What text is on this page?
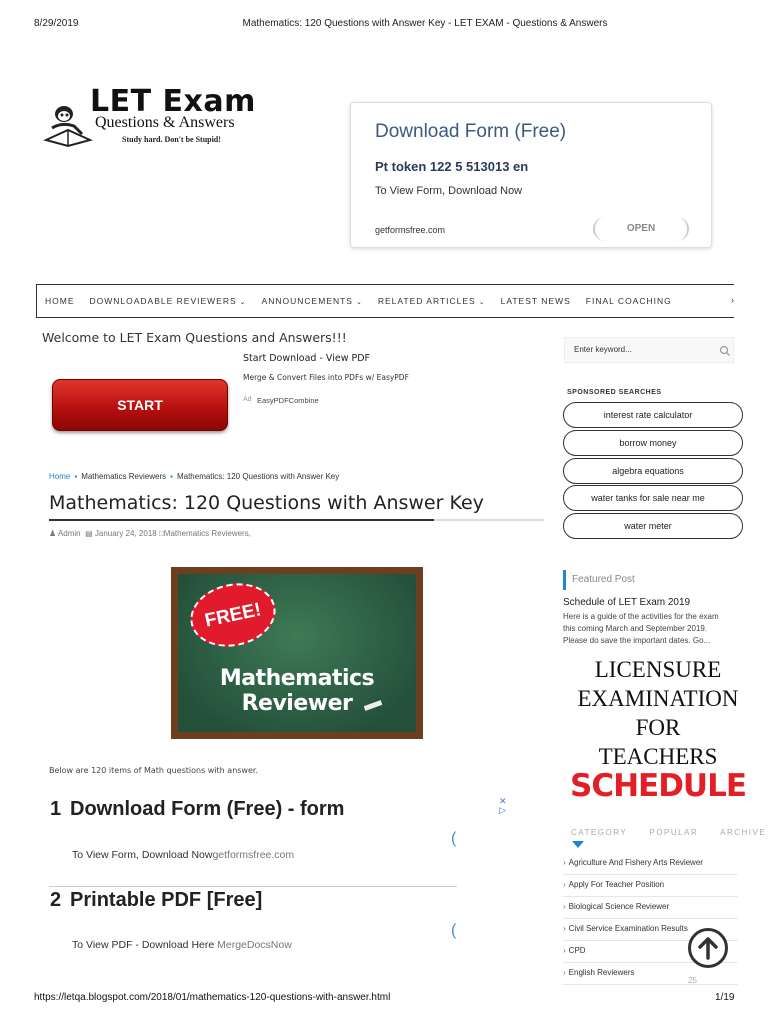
8/29/2019	Mathematics: 120 Questions with Answer Key - LET EXAM - Questions & Answers
LET Exam
Questions & Answers
Study hard. Don't be Stupid!	Download Form (Free)
Pt token 122 5 513013 en
To View Form, Download Now
getformsfree.com	OPEN
HOME DOWNLOADABLE REVIEWERS ⌄ ANNOUNCEMENTS ⌄ RELATED ARTICLES ⌄ LATEST NEWS FINAL COACHING	›
Welcome to LET Exam Questions and Answers!!!
START
Start Download - View PDF
Merge & Convert Files into PDFs w/ EasyPDF
Ad EasyPDFCombine
Home ▪ Mathematics Reviewers ▪ Mathematics: 120 Questions with Answer Key
Mathematics: 120 Questions with Answer Key
♟ Admin ▤ January 24, 2018 □Mathematics Reviewers,
FREE!
Mathematics Reviewer
Below are 120 items of Math questions with answer.
✕
▷
1 Download Form (Free) - form
To View Form, Download Nowgetformsfree.com
(
2 Printable PDF [Free]
To View PDF - Download Here MergeDocsNow
(
Enter keyword...
SPONSORED SEARCHES
interest rate calculator
borrow money
algebra equations
water tanks for sale near me
water meter
Featured Post
Schedule of LET Exam 2019
Here is a guide of the activities for the exam
this coming March and September 2019.
Please do save the important dates. Go...
LICENSURE
EXAMINATION
FOR
TEACHERS
SCHEDULE
CATEGORY	POPULAR	ARCHIVE
› Agriculture And Fishery Arts Reviewer
› Apply For Teacher Position
› Biological Science Reviewer
› Civil Service Examination Results
› CPD
› English Reviewers
25
https://letqa.blogspot.com/2018/01/mathematics-120-questions-with-answer.html	1/19
